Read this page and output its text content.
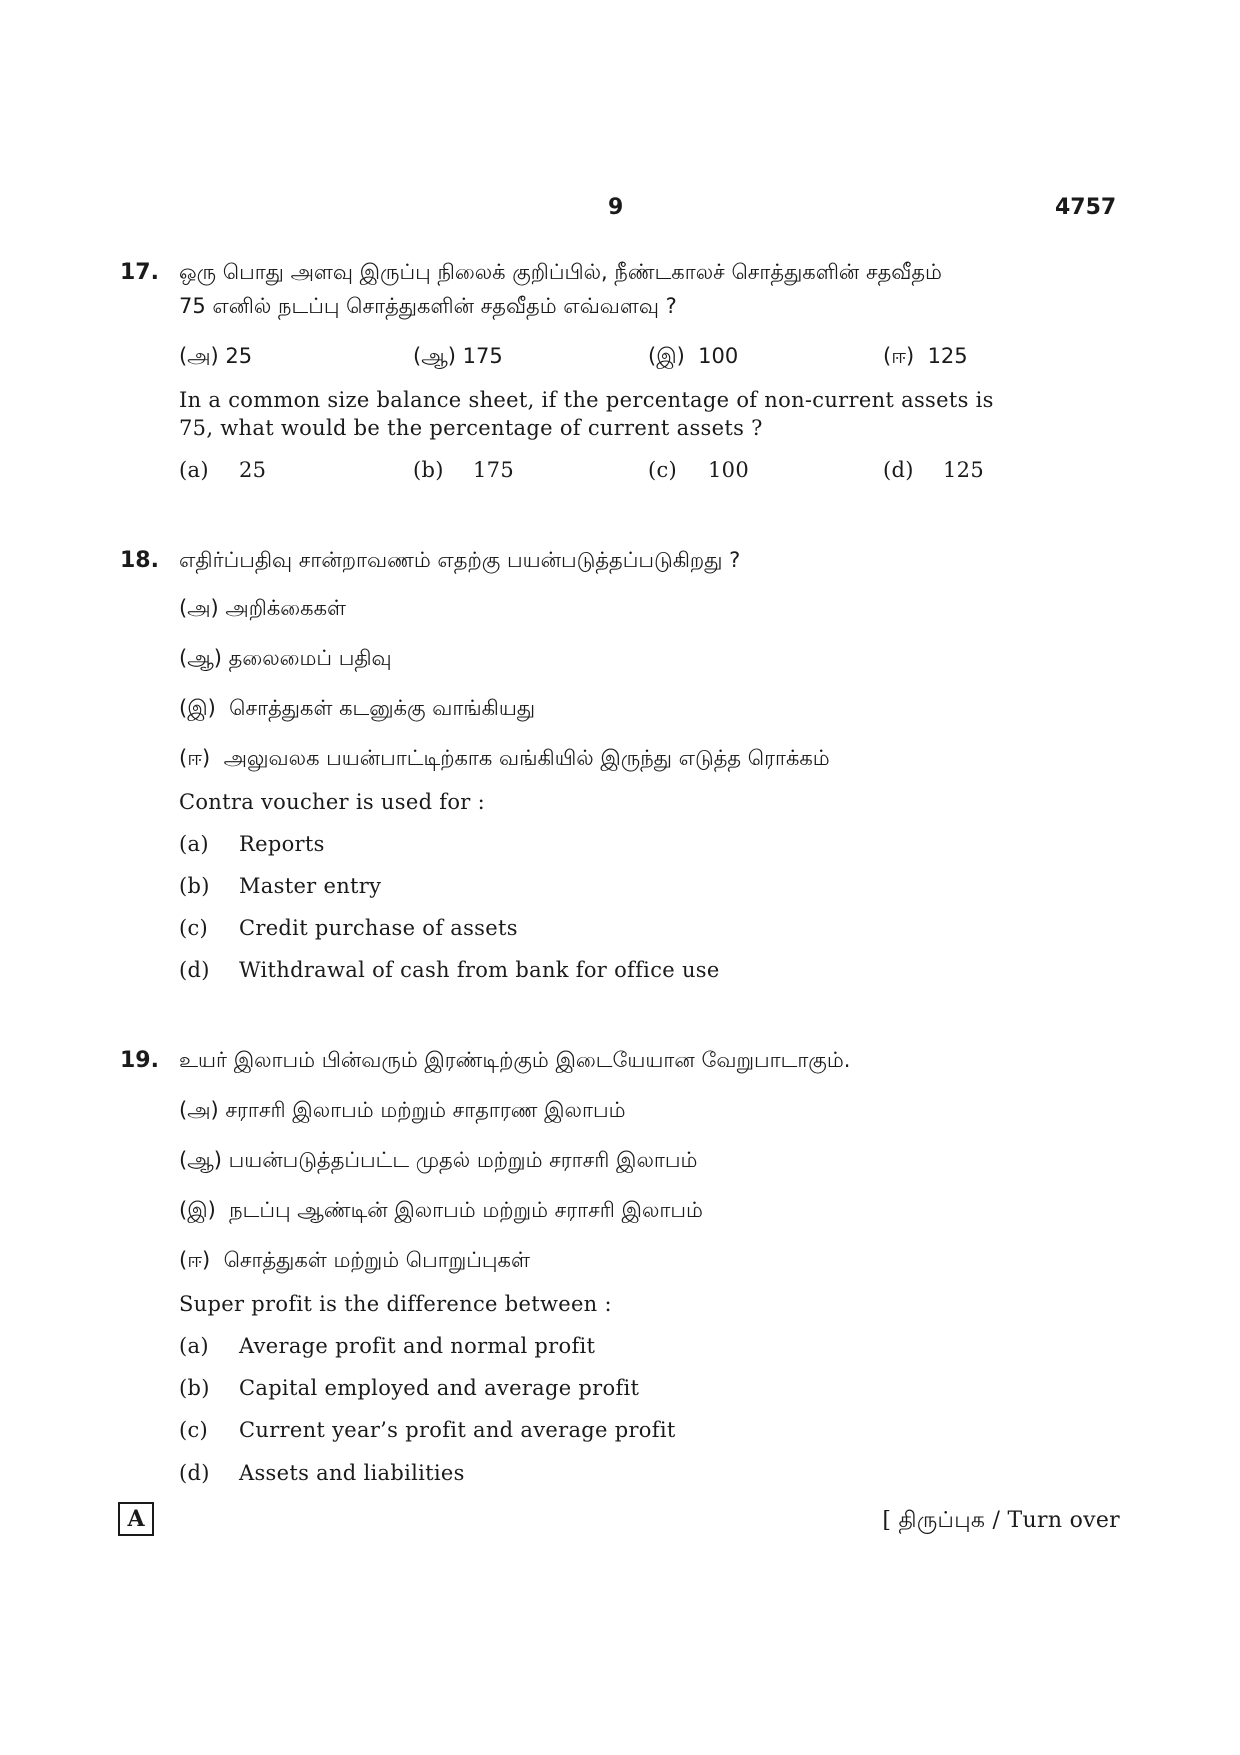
9	4757
17. ஒரு பொது அளவு இருப்பு நிலைக் குறிப்பில், நீண்டகாலச் சொத்துகளின் சதவீதம்
75 எனில் நடப்பு சொத்துகளின் சதவீதம் எவ்வளவு ?
(அ) 25	(ஆ) 175	(இ) 100	(ஈ) 125
In a common size balance sheet, if the percentage of non-current assets is
75, what would be the percentage of current assets ?
(a) 25	(b) 175	(c) 100	(d) 125
18. எதிர்ப்பதிவு சான்றாவணம் எதற்கு பயன்படுத்தப்படுகிறது ?
(அ) அறிக்கைகள்
(ஆ) தலைமைப் பதிவு
(இ) சொத்துகள் கடனுக்கு வாங்கியது
(ஈ) அலுவலக பயன்பாட்டிற்காக வங்கியில் இருந்து எடுத்த ரொக்கம்
Contra voucher is used for :
(a) Reports
(b) Master entry
(c) Credit purchase of assets
(d) Withdrawal of cash from bank for office use
19. உயர் இலாபம் பின்வரும் இரண்டிற்கும் இடையேயான வேறுபாடாகும்.
(அ) சராசரி இலாபம் மற்றும் சாதாரண இலாபம்
(ஆ) பயன்படுத்தப்பட்ட முதல் மற்றும் சராசரி இலாபம்
(இ) நடப்பு ஆண்டின் இலாபம் மற்றும் சராசரி இலாபம்
(ஈ) சொத்துகள் மற்றும் பொறுப்புகள்
Super profit is the difference between :
(a) Average profit and normal profit
(b) Capital employed and average profit
(c) Current year’s profit and average profit
(d) Assets and liabilities
A	[ திருப்புக / Turn over
